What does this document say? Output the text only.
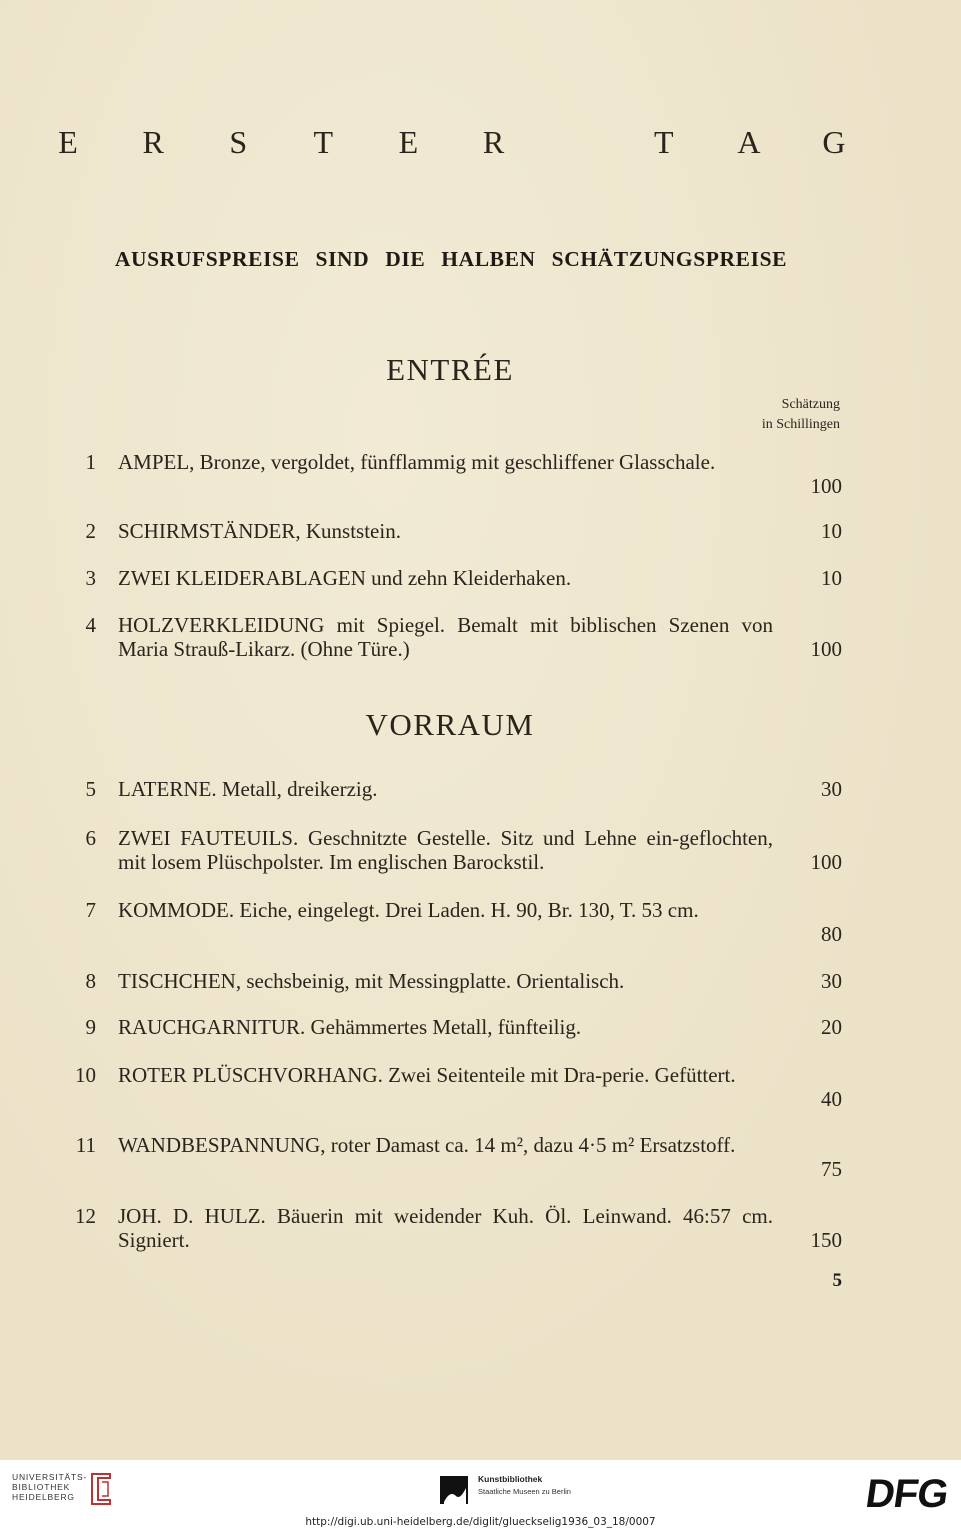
E R S T E R	T A G
AUSRUFSPREISE SIND DIE HALBEN SCHÄTZUNGSPREISE
ENTRÉE
Schätzung
in Schillingen
1 AMPEL, Bronze, vergoldet, fünfflammig mit geschliffener Glasschale.
100
2 SCHIRMSTÄNDER, Kunststein.	10
3 ZWEI KLEIDERABLAGEN und zehn Kleiderhaken.	10
4 HOLZVERKLEIDUNG mit Spiegel. Bemalt mit biblischen Szenen von Maria Strauß-Likarz. (Ohne Türe.)	100
VORRAUM
5 LATERNE. Metall, dreikerzig.	30
6 ZWEI FAUTEUILS. Geschnitzte Gestelle. Sitz und Lehne ein-geflochten, mit losem Plüschpolster. Im englischen Barockstil.	100
7 KOMMODE. Eiche, eingelegt. Drei Laden. H. 90, Br. 130, T. 53 cm.
80
8 TISCHCHEN, sechsbeinig, mit Messingplatte. Orientalisch.	30
9 RAUCHGARNITUR. Gehämmertes Metall, fünfteilig.	20
10 ROTER PLÜSCHVORHANG. Zwei Seitenteile mit Dra-perie. Gefüttert.
40
11 WANDBESPANNUNG, roter Damast ca. 14 m², dazu 4·5 m² Ersatzstoff.
75
12 JOH. D. HULZ. Bäuerin mit weidender Kuh. Öl. Leinwand. 46:57 cm. Signiert.	150
5
UNIVERSITÄTS-
BIBLIOTHEK
HEIDELBERG
Kunstbibliothek
Staatliche Museen zu Berlin	DFG
http://digi.ub.uni-heidelberg.de/diglit/glueckselig1936_03_18/0007
